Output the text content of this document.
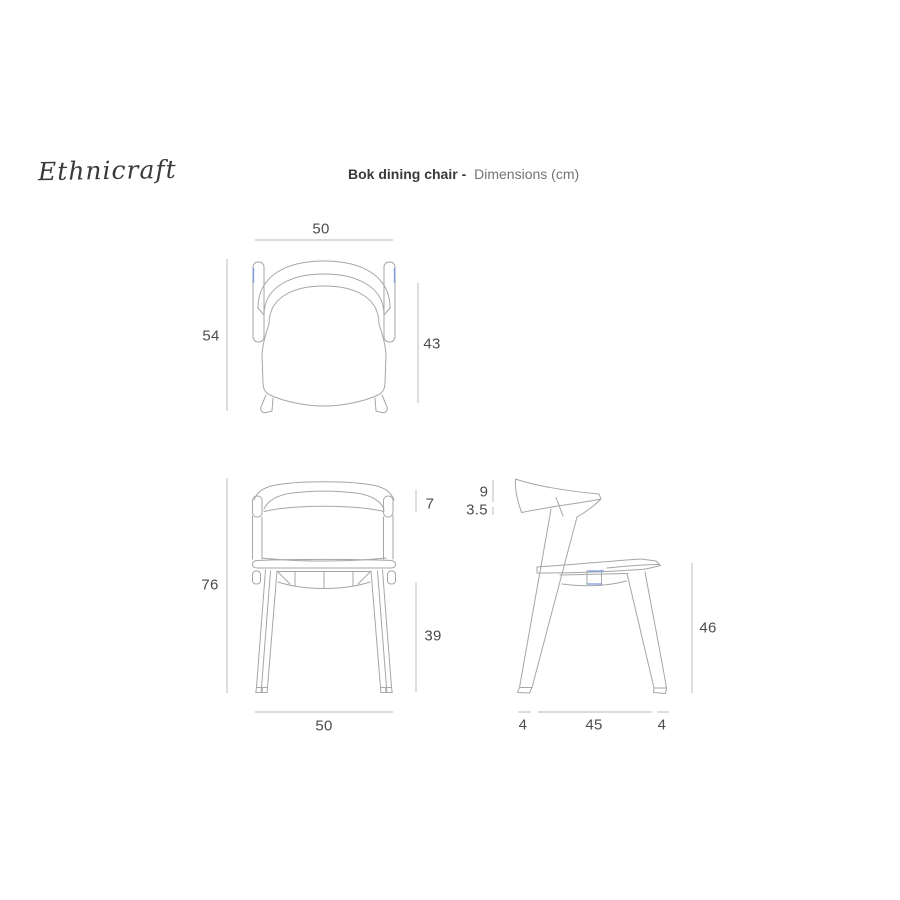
Ethnicraft	Bok dining chair - Dimensions (cm)
50
54	43
7
76
39
50
9
3.5
46
4	45	4
